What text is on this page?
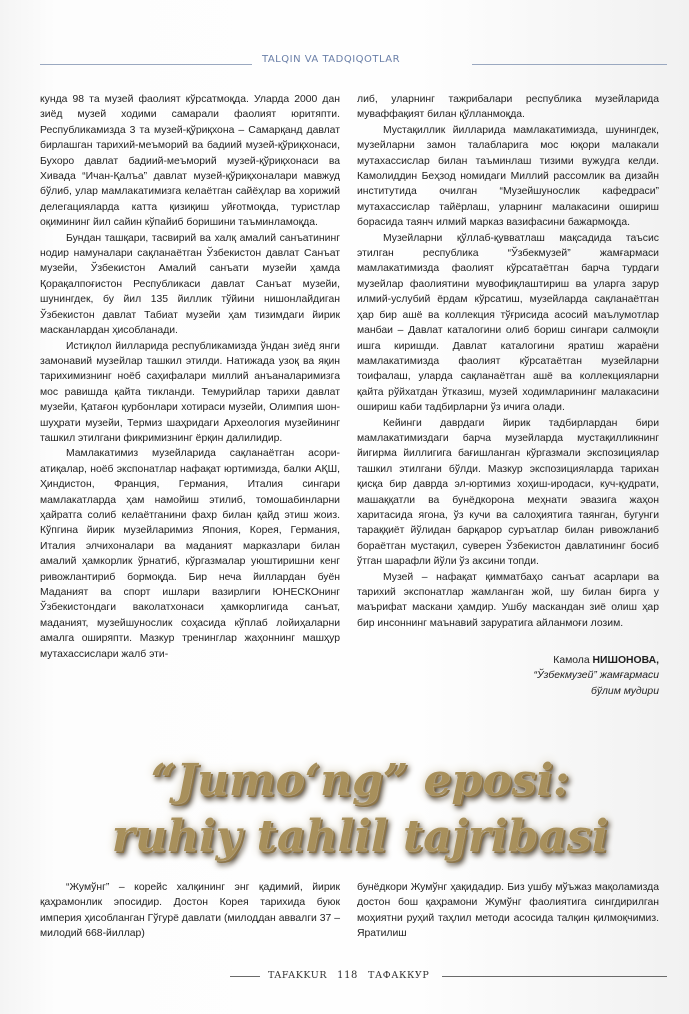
TALQIN VA TADQIQOTLAR

кунда 98 та музей фаолият кўрсатмоқда. Уларда 2000 дан зиёд музей ходими самарали фаолият юритяпти. Республикамизда 3 та музей-қўриқхона – Самарқанд давлат бирлашган тарихий-меъморий ва бадиий музей-қўриқхонаси, Бухоро давлат бадиий-меъморий музей-қўриқхонаси ва Хивада “Ичан-Қалъа” давлат музей-қўриқхоналари мавжуд бўлиб, улар мамлакатимизга келаётган сайёҳлар ва хорижий делегацияларда катта қизиқиш уйғотмоқда, туристлар оқимининг йил сайин кўпайиб боришини таъминламоқда.

Бундан ташқари, тасвирий ва халқ амалий санъатининг нодир намуналари сақланаётган Ўзбекистон давлат Санъат музейи, Ўзбекистон Амалий санъати музейи ҳамда Қорақалпоғистон Республикаси давлат Санъат музейи, шунингдек, бу йил 135 йиллик тўйини нишонлайдиган Ўзбекистон давлат Табиат музейи ҳам тизимдаги йирик масканлардан ҳисобланади.

Истиқлол йилларида республикамизда ўндан зиёд янги замонавий музейлар ташкил этилди. Натижада узоқ ва яқин тарихимизнинг ноёб саҳифалари миллий анъаналаримизга мос равишда қайта тикланди. Темурийлар тарихи давлат музейи, Қатағон қурбонлари хотираси музейи, Олимпия шон-шуҳрати музейи, Термиз шаҳридаги Археология музейининг ташкил этилгани фикримизнинг ёрқин далилидир.

Мамлакатимиз музейларида сақланаётган асори-атиқалар, ноёб экспонатлар нафақат юртимизда, балки АҚШ, Ҳиндистон, Франция, Германия, Италия сингари мамлакатларда ҳам намойиш этилиб, томошабинларни ҳайратга солиб келаётганини фахр билан қайд этиш жоиз. Кўпгина йирик музейларимиз Япония, Корея, Германия, Италия элчихоналари ва маданият марказлари билан амалий ҳамкорлик ўрнатиб, кўргазмалар уюштиришни кенг ривожлантириб бормоқда. Бир неча йиллардан буён Маданият ва спорт ишлари вазирлиги ЮНЕСКОнинг Ўзбекистондаги ваколатхонаси ҳамкорлигида санъат, маданият, музейшунослик соҳасида кўплаб лойиҳаларни амалга оширяпти. Мазкур тренинглар жаҳоннинг машҳур мутахассислари жалб эти-

либ, уларнинг тажрибалари республика музейларида муваффақият билан қўлланмоқда.

Мустақиллик йилларида мамлакатимизда, шунингдек, музейларни замон талабларига мос юқори малакали мутахассислар билан таъминлаш тизими вужудга келди. Камолиддин Беҳзод номидаги Миллий рассомлик ва дизайн институтида очилган “Музейшунослик кафедраси” мутахассислар тайёрлаш, уларнинг малакасини ошириш борасида таянч илмий марказ вазифасини бажармоқда.

Музейларни қўллаб-қувватлаш мақсадида таъсис этилган республика “Ўзбекмузей” жамғармаси мамлакатимизда фаолият кўрсатаётган барча турдаги музейлар фаолиятини мувофиқлаштириш ва уларга зарур илмий-услубий ёрдам кўрсатиш, музейларда сақланаётган ҳар бир ашё ва коллекция тўғрисида асосий маълумотлар манбаи – Давлат каталогини олиб бориш сингари салмоқли ишга киришди. Давлат каталогини яратиш жараёни мамлакатимизда фаолият кўрсатаётган музейларни тоифалаш, уларда сақланаётган ашё ва коллекцияларни қайта рўйхатдан ўтказиш, музей ходимларининг малакасини ошириш каби тадбирларни ўз ичига олади.

Кейинги даврдаги йирик тадбирлардан бири мамлакатимиздаги барча музейларда мустақилликнинг йигирма йиллигига бағишланган кўргазмали экспозициялар ташкил этилгани бўлди. Мазкур экспозицияларда тарихан қисқа бир даврда эл-юртимиз хоҳиш-иродаси, куч-қудрати, машаққатли ва бунёдкорона меҳнати эвазига жаҳон харитасида ягона, ўз кучи ва салоҳиятига таянган, бугунги тараққиёт йўлидан барқарор суръатлар билан ривожланиб бораётган мустақил, суверен Ўзбекистон давлатининг босиб ўтган шарафли йўли ўз аксини топди.

Музей – нафақат қимматбаҳо санъат асарлари ва тарихий экспонатлар жамланган жой, шу билан бирга у маърифат маскани ҳамдир. Ушбу маскандан зиё олиш ҳар бир инсоннинг маънавий заруратига айланмоғи лозим.

Камола НИШОНОВА,
“Ўзбекмузей” жамғармаси
бўлим мудири
“Jumo‘ng” eposi:
ruhiy tahlil tajribasi

“Жумўнг” – корейс халқининг энг қадимий, йирик қаҳрамонлик эпосидир. Достон Корея тарихида буюк империя ҳисобланган Гўгурё давлати (милоддан аввалги 37 – милодий 668-йиллар)

бунёдкори Жумўнг ҳақидадир. Биз ушбу мўъжаз мақоламизда достон бош қаҳрамони Жумўнг фаолиятига сингдирилган моҳиятни руҳий таҳлил методи асосида талқин қилмоқчимиз. Яратилиш

TAFAKKUR 118 ТАФАККУР
